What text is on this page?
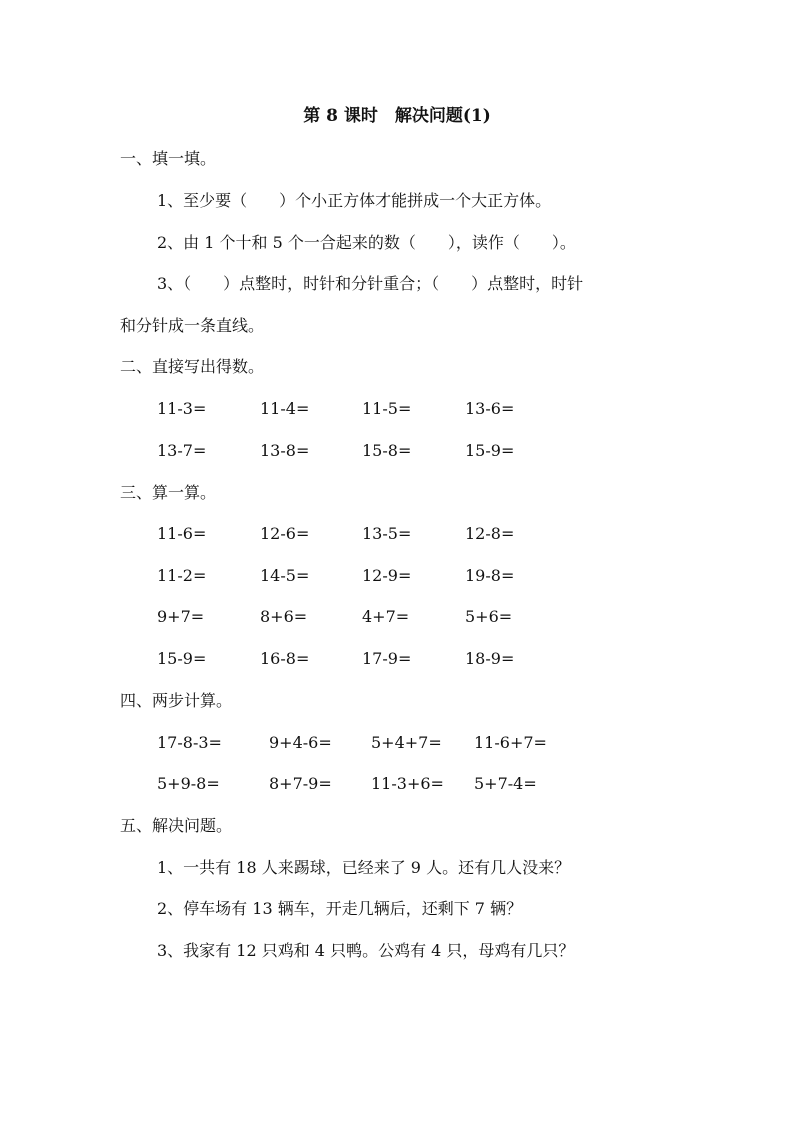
第 8 课时　解决问题(1)
一、填一填。
1、至少要（　　）个小正方体才能拼成一个大正方体。
2、由 1 个十和 5 个一合起来的数（　　），读作（　　）。
3、（　　）点整时，时针和分针重合；（　　）点整时，时针
和分针成一条直线。
二、直接写出得数。
11-3=	11-4=	11-5=	13-6=
13-7=	13-8=	15-8=	15-9=
三、算一算。
11-6=	12-6=	13-5=	12-8=
11-2=	14-5=	12-9=	19-8=
9+7=	8+6=	4+7=	5+6=
15-9=	16-8=	17-9=	18-9=
四、两步计算。
17-8-3=	9+4-6= 5+4+7= 11-6+7=
5+9-8=	8+7-9= 11-3+6= 5+7-4=
五、解决问题。
1、一共有 18 人来踢球，已经来了 9 人。还有几人没来？
2、停车场有 13 辆车，开走几辆后，还剩下 7 辆？
3、我家有 12 只鸡和 4 只鸭。公鸡有 4 只，母鸡有几只？
